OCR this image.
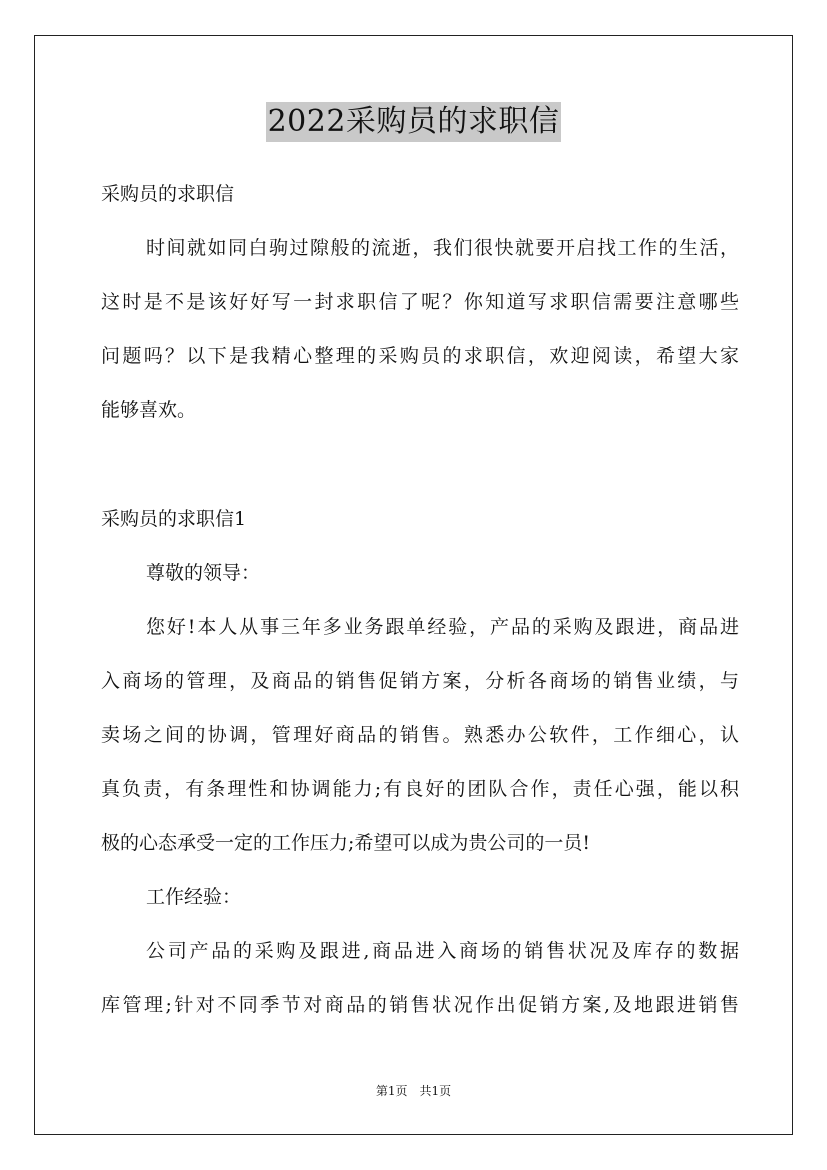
2022采购员的求职信
采购员的求职信
时间就如同白驹过隙般的流逝，我们很快就要开启找工作的生活，
这时是不是该好好写一封求职信了呢？你知道写求职信需要注意哪些
问题吗？以下是我精心整理的采购员的求职信，欢迎阅读，希望大家
能够喜欢。
采购员的求职信1
尊敬的领导：
您好!本人从事三年多业务跟单经验，产品的采购及跟进，商品进
入商场的管理，及商品的销售促销方案，分析各商场的销售业绩，与
卖场之间的协调，管理好商品的销售。熟悉办公软件，工作细心，认
真负责，有条理性和协调能力;有良好的团队合作，责任心强，能以积
极的心态承受一定的工作压力;希望可以成为贵公司的一员!
工作经验：
公司产品的采购及跟进,商品进入商场的销售状况及库存的数据
库管理;针对不同季节对商品的销售状况作出促销方案,及地跟进销售
第1页　共1页
